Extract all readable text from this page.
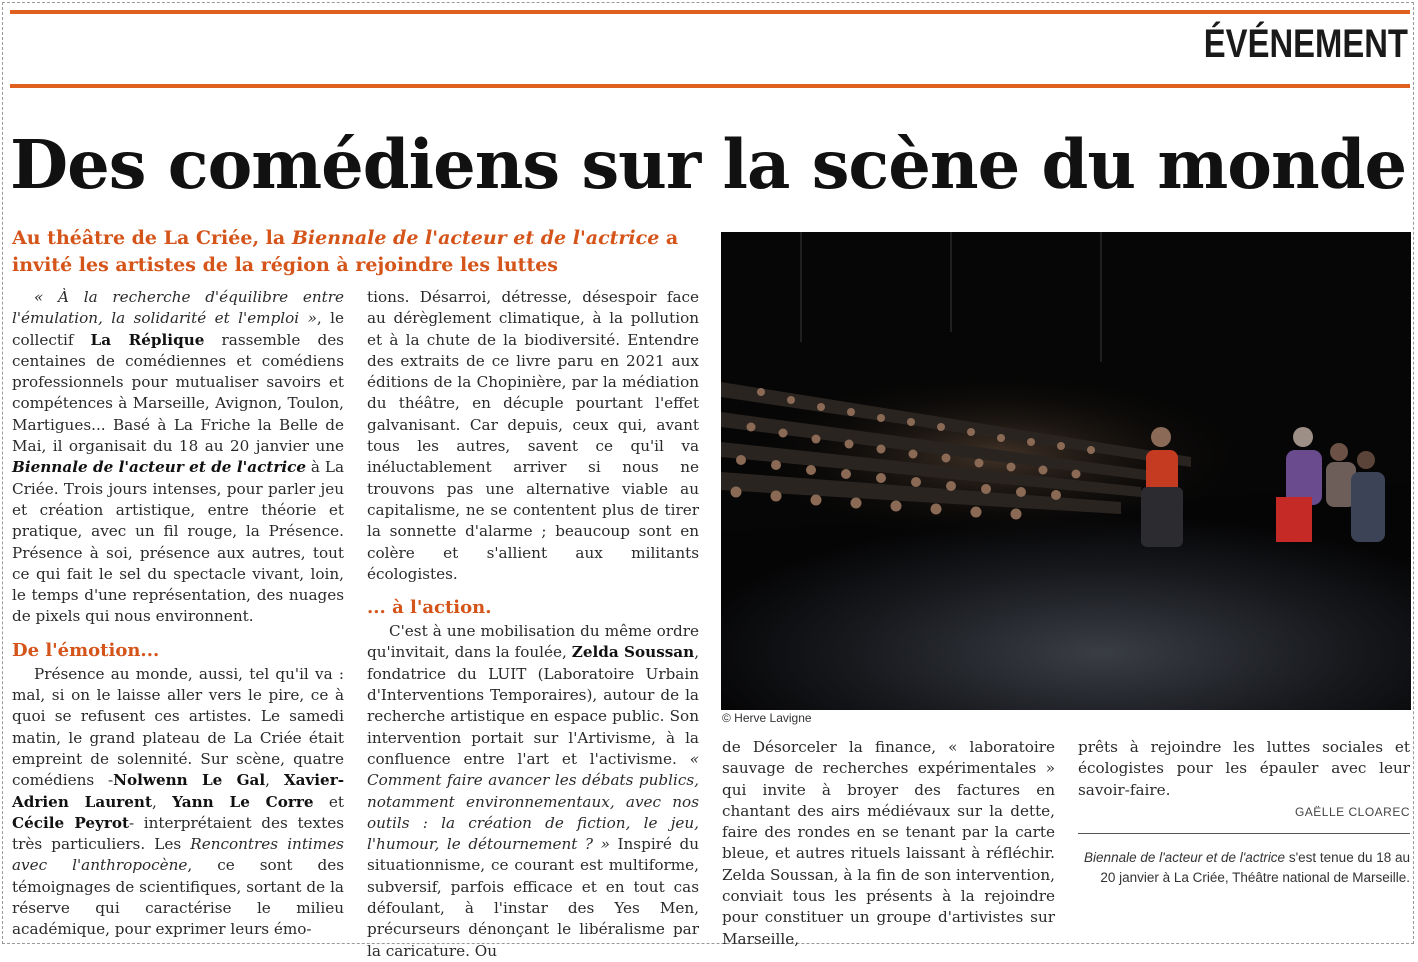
ÉVÉNEMENT
Des comédiens sur la scène du monde
Au théâtre de La Criée, la Biennale de l'acteur et de l'actrice a invité les artistes de la région à rejoindre les luttes

« À la recherche d'équilibre entre l'émulation, la solidarité et l'emploi », le collectif La Réplique rassemble des centaines de comédiennes et comédiens professionnels pour mutualiser savoirs et compétences à Marseille, Avignon, Toulon, Martigues... Basé à La Friche la Belle de Mai, il organisait du 18 au 20 janvier une Biennale de l'acteur et de l'actrice à La Criée. Trois jours intenses, pour parler jeu et création artistique, entre théorie et pratique, avec un fil rouge, la Présence. Présence à soi, présence aux autres, tout ce qui fait le sel du spectacle vivant, loin, le temps d'une représentation, des nuages de pixels qui nous environnent.

De l'émotion...

Présence au monde, aussi, tel qu'il va : mal, si on le laisse aller vers le pire, ce à quoi se refusent ces artistes. Le samedi matin, le grand plateau de La Criée était empreint de solennité. Sur scène, quatre comédiens -Nolwenn Le Gal, Xavier-Adrien Laurent, Yann Le Corre et Cécile Peyrot- interprétaient des textes très particuliers. Les Rencontres intimes avec l'anthropocène, ce sont des témoignages de scientifiques, sortant de la réserve qui caractérise le milieu académique, pour exprimer leurs émo-

tions. Désarroi, détresse, désespoir face au dérèglement climatique, à la pollution et à la chute de la biodiversité. Entendre des extraits de ce livre paru en 2021 aux éditions de la Chopinière, par la médiation du théâtre, en décuple pourtant l'effet galvanisant. Car depuis, ceux qui, avant tous les autres, savent ce qu'il va inéluctablement arriver si nous ne trouvons pas une alternative viable au capitalisme, ne se contentent plus de tirer la sonnette d'alarme ; beaucoup sont en colère et s'allient aux militants écologistes.

... à l'action.

C'est à une mobilisation du même ordre qu'invitait, dans la foulée, Zelda Soussan, fondatrice du LUIT (Laboratoire Urbain d'Interventions Temporaires), autour de la recherche artistique en espace public. Son intervention portait sur l'Artivisme, à la confluence entre l'art et l'activisme. « Comment faire avancer les débats publics, notamment environnementaux, avec nos outils : la création de fiction, le jeu, l'humour, le détournement ? » Inspiré du situationnisme, ce courant est multiforme, subversif, parfois efficace et en tout cas défoulant, à l'instar des Yes Men, précurseurs dénonçant le libéralisme par la caricature. Ou

© Herve Lavigne

de Désorceler la finance, « laboratoire sauvage de recherches expérimentales » qui invite à broyer des factures en chantant des airs médiévaux sur la dette, faire des rondes en se tenant par la carte bleue, et autres rituels laissant à réfléchir. Zelda Soussan, à la fin de son intervention, conviait tous les présents à la rejoindre pour constituer un groupe d'artivistes sur Marseille,

prêts à rejoindre les luttes sociales et écologistes pour les épauler avec leur savoir-faire.

GAËLLE CLOAREC
Biennale de l'acteur et de l'actrice s'est tenue du 18 au 20 janvier à La Criée, Théâtre national de Marseille.
